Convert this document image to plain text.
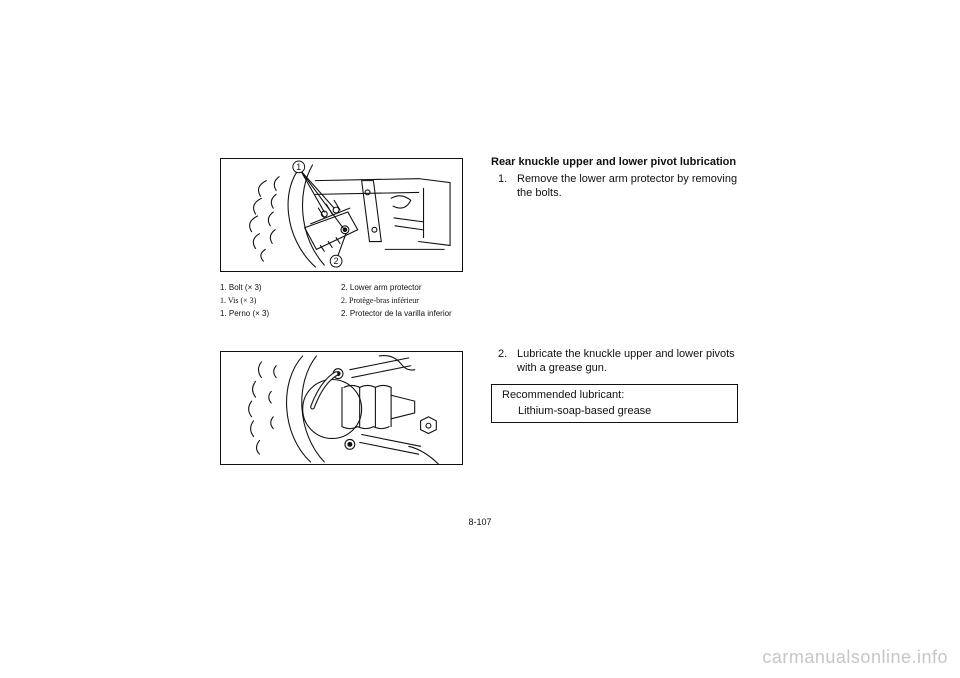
1
2
1. Bolt (× 3)	2. Lower arm protector
1. Vis (× 3)	2. Protège-bras inférieur
1. Perno (× 3)	2. Protector de la varilla inferior
Rear knuckle upper and lower pivot lubrication
1. Remove the lower arm protector by removing the bolts.
2. Lubricate the knuckle upper and lower pivots with a grease gun.
Recommended lubricant:
Lithium-soap-based grease
8-107
carmanualsonline.info
